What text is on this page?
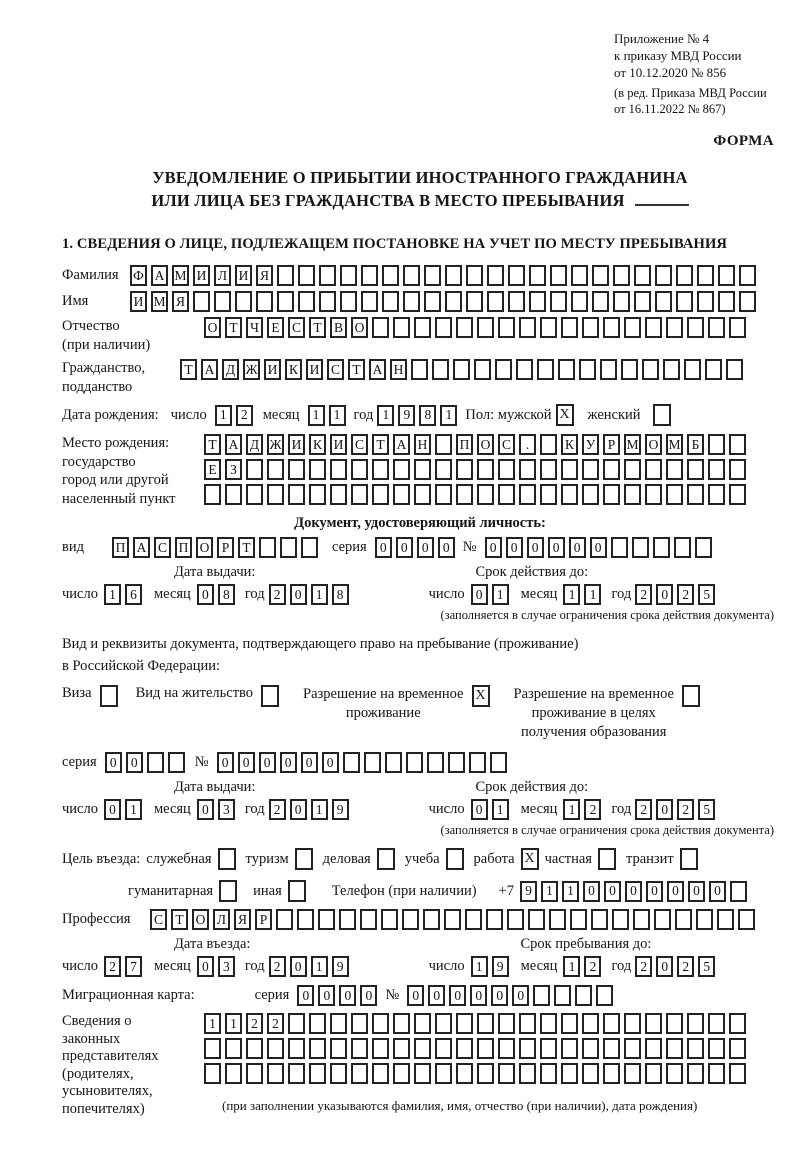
Приложение № 4
к приказу МВД России
от 10.12.2020 № 856
(в ред. Приказа МВД России
от 16.11.2022 № 867)
ФОРМА
УВЕДОМЛЕНИЕ О ПРИБЫТИИ ИНОСТРАННОГО ГРАЖДАНИНА
ИЛИ ЛИЦА БЕЗ ГРАЖДАНСТВА В МЕСТО ПРЕБЫВАНИЯ
1. СВЕДЕНИЯ О ЛИЦЕ, ПОДЛЕЖАЩЕМ ПОСТАНОВКЕ НА УЧЕТ ПО МЕСТУ ПРЕБЫВАНИЯ
Фамилия Ф А М И Л И Я
Имя	И М Я
Отчество
(при наличии)
О Т Ч Е С Т В О
Гражданство,
подданство
Т А Д Ж И К И С Т А Н
Дата рождения: число 1	2	месяц 1	1 год 1	9	8	1 Пол: мужской X женский
Место рождения:
государство
город или другой
населенный пункт
Т А Д Ж И К И С Т А Н П О С	.	К У Р М О М Б
Е З
Документ, удостоверяющий личность:
вид	П А С П О Р Т	серия 0	0	0	0 № 0	0	0	0	0	0
Дата выдачи:	Срок действия до:
число 1	6	месяц 0	8	год 2	0	1	8	число 0	1	месяц 1	1	год 2	0	2	5
(заполняется в случае ограничения срока действия документа)
Вид и реквизиты документа, подтверждающего право на пребывание (проживание)
в Российской Федерации:
Виза	Вид на жительство	Разрешение на временное
проживание
X Разрешение на временное
проживание в целях
получения образования
серия 0	0	№ 0	0	0	0	0	0
Дата выдачи:	Срок действия до:
число 0	1	месяц 0	3	год 2	0	1	9	число 0	1	месяц 1	2	год 2	0	2	5
(заполняется в случае ограничения срока действия документа)
Цель въезда: служебная туризм деловая учеба работа X частная транзит
гуманитарная	иная	Телефон (при наличии) +7 9	1	1	0	0	0	0	0	0	0
Профессия	С Т О Л Я Р
Дата въезда:	Срок пребывания до:
число 2	7	месяц 0	3	год 2	0	1	9	число 1	9	месяц 1	2	год 2	0	2	5
Миграционная карта:	серия 0	0	0	0 № 0	0	0	0	0	0
Сведения о
законных
представителях
(родителях,
усыновителях,
попечителях)
1	1	2	2
(при заполнении указываются фамилия, имя, отчество (при наличии), дата рождения)
